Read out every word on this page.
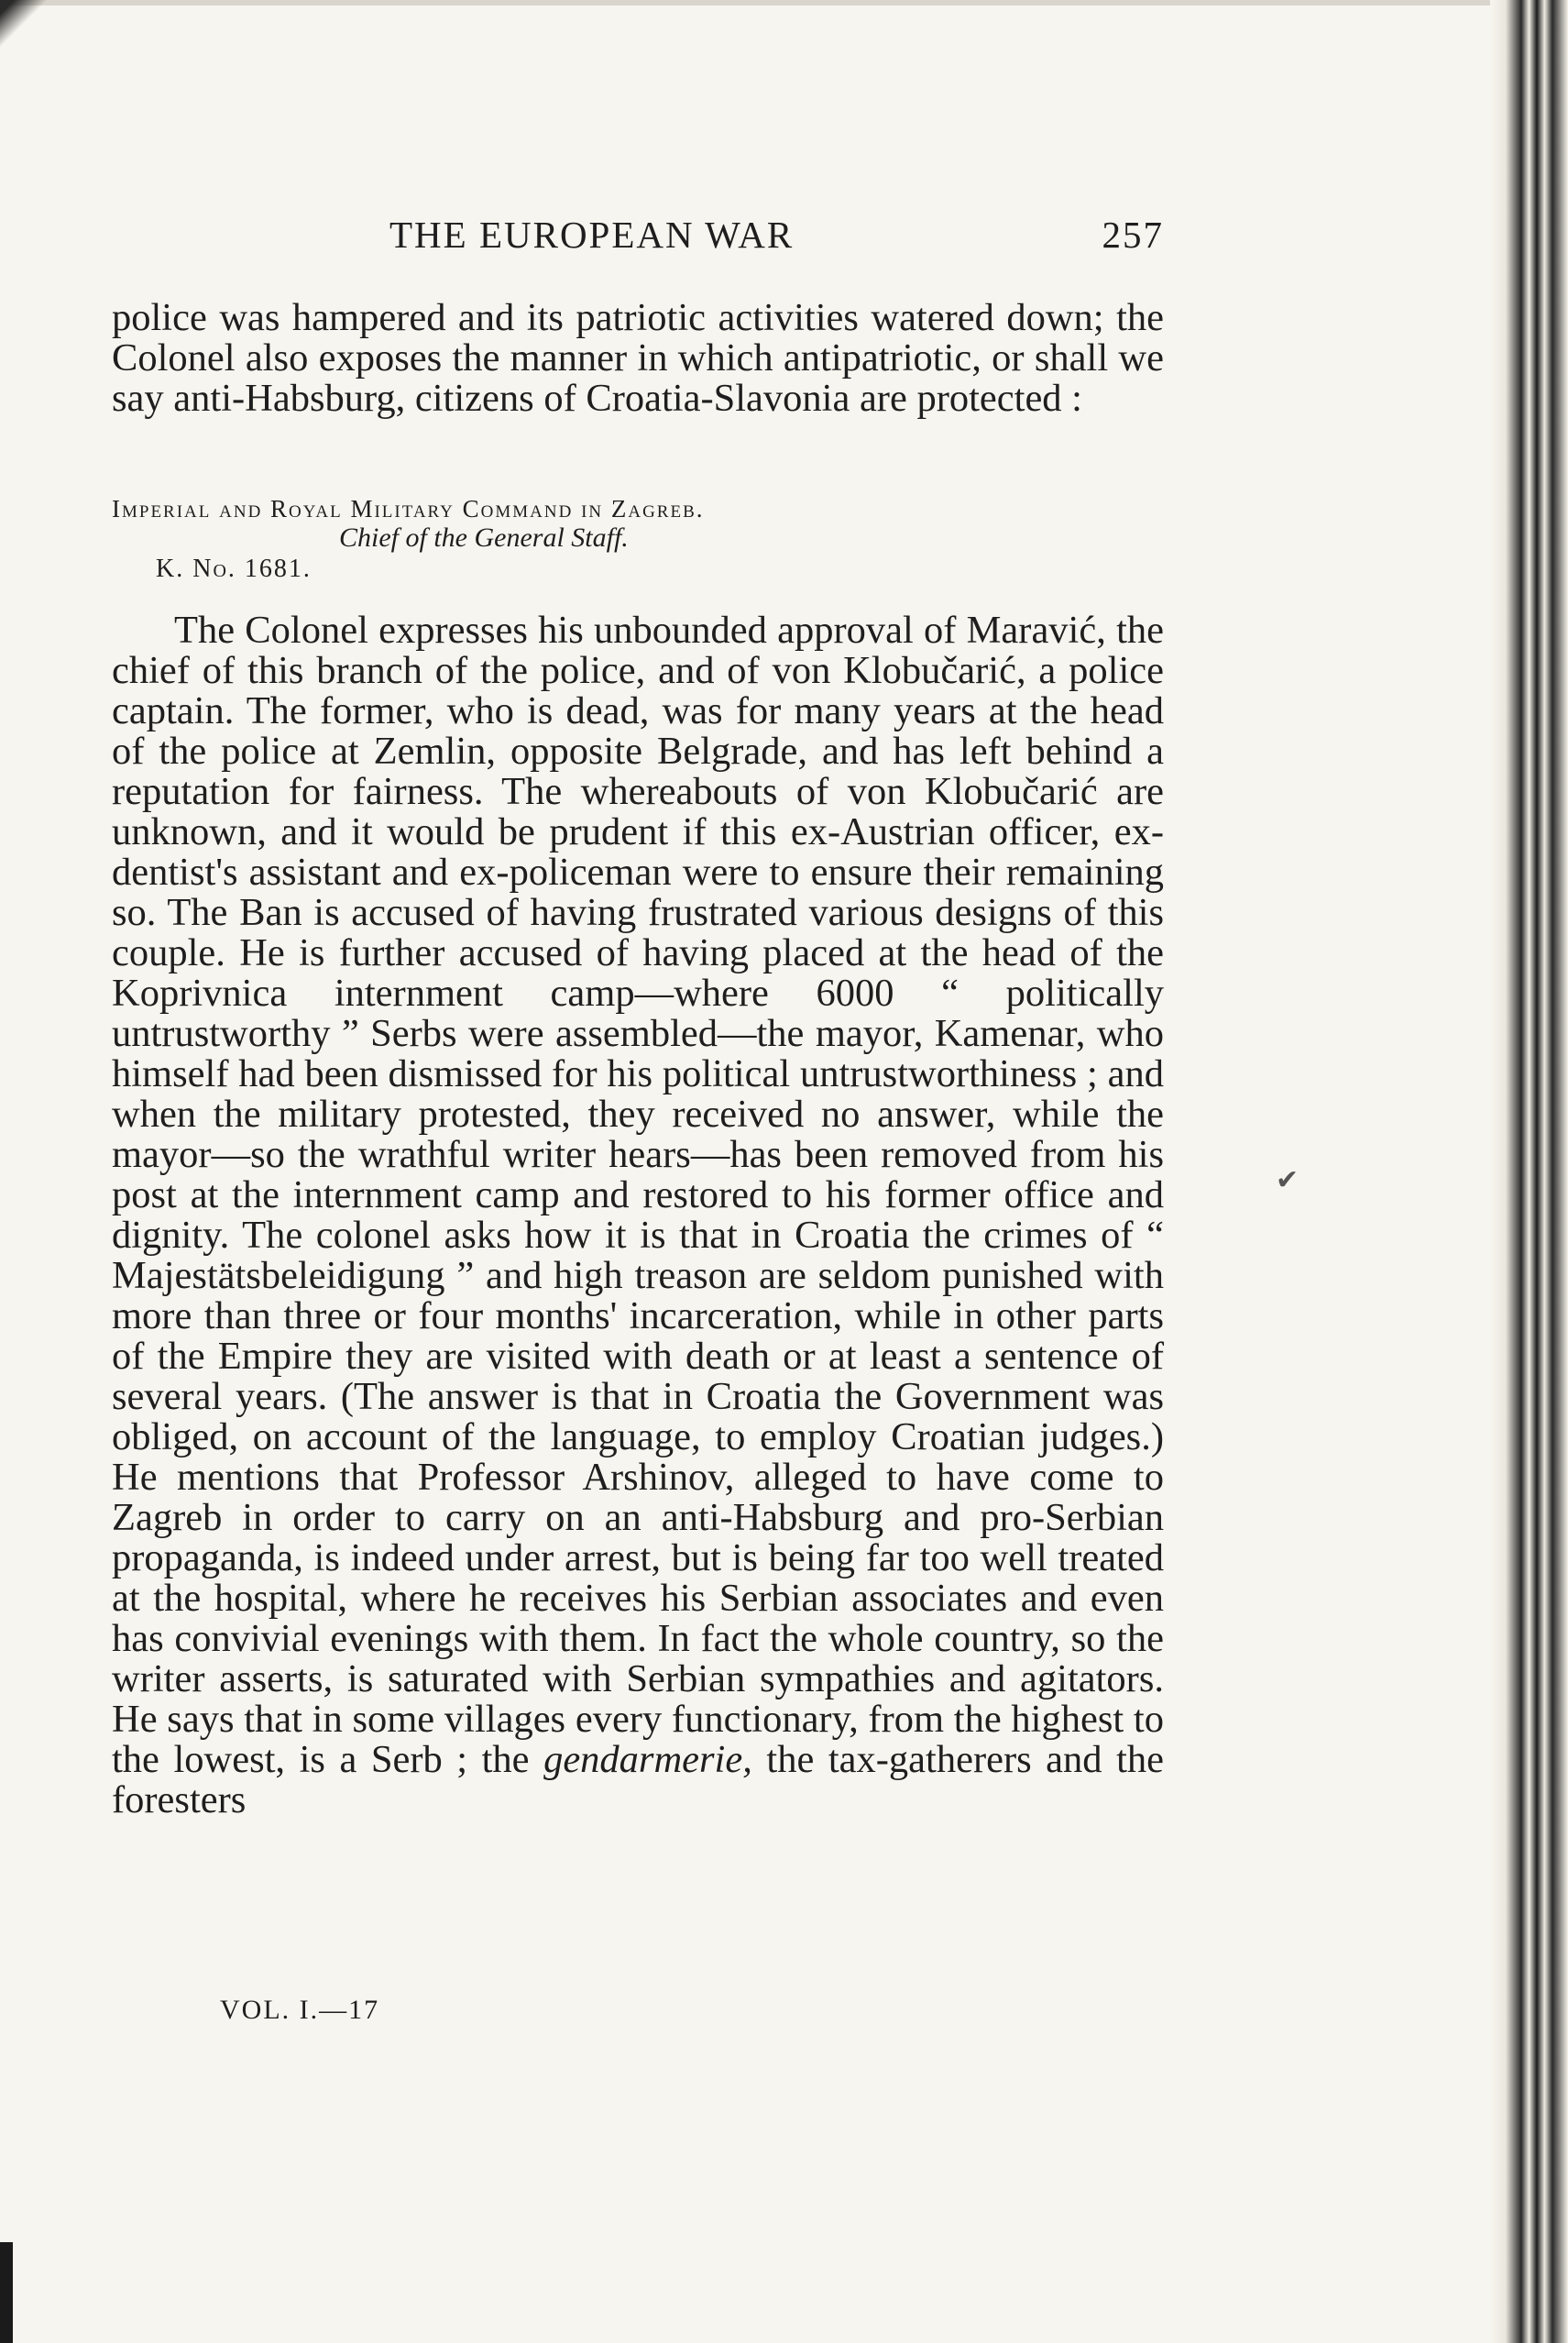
THE EUROPEAN WAR	257
police was hampered and its patriotic activities watered down; the Colonel also exposes the manner in which antipatriotic, or shall we say anti-Habsburg, citizens of Croatia-Slavonia are protected :
Imperial and Royal Military Command in Zagreb.
Chief of the General Staff.
K. No. 1681.
The Colonel expresses his unbounded approval of Maravić, the chief of this branch of the police, and of von Klobučarić, a police captain. The former, who is dead, was for many years at the head of the police at Zemlin, opposite Belgrade, and has left behind a reputation for fairness. The whereabouts of von Klobučarić are unknown, and it would be prudent if this ex-Austrian officer, ex-dentist's assistant and ex-policeman were to ensure their remaining so. The Ban is accused of having frustrated various designs of this couple. He is further accused of having placed at the head of the Koprivnica internment camp—where 6000 “ politically untrustworthy ” Serbs were assembled—the mayor, Kamenar, who himself had been dismissed for his political untrustworthiness ; and when the military protested, they received no answer, while the mayor—so the wrathful writer hears—has been removed from his post at the internment camp and restored to his former office and dignity. The colonel asks how it is that in Croatia the crimes of “ Majestätsbeleidigung ” and high treason are seldom punished with more than three or four months' incarceration, while in other parts of the Empire they are visited with death or at least a sentence of several years. (The answer is that in Croatia the Government was obliged, on account of the language, to employ Croatian judges.) He mentions that Professor Arshinov, alleged to have come to Zagreb in order to carry on an anti-Habsburg and pro-Serbian propaganda, is indeed under arrest, but is being far too well treated at the hospital, where he receives his Serbian associates and even has convivial evenings with them. In fact the whole country, so the writer asserts, is saturated with Serbian sympathies and agitators. He says that in some villages every functionary, from the highest to the lowest, is a Serb ; the gendarmerie, the tax-gatherers and the foresters
VOL. I.—17
✔
